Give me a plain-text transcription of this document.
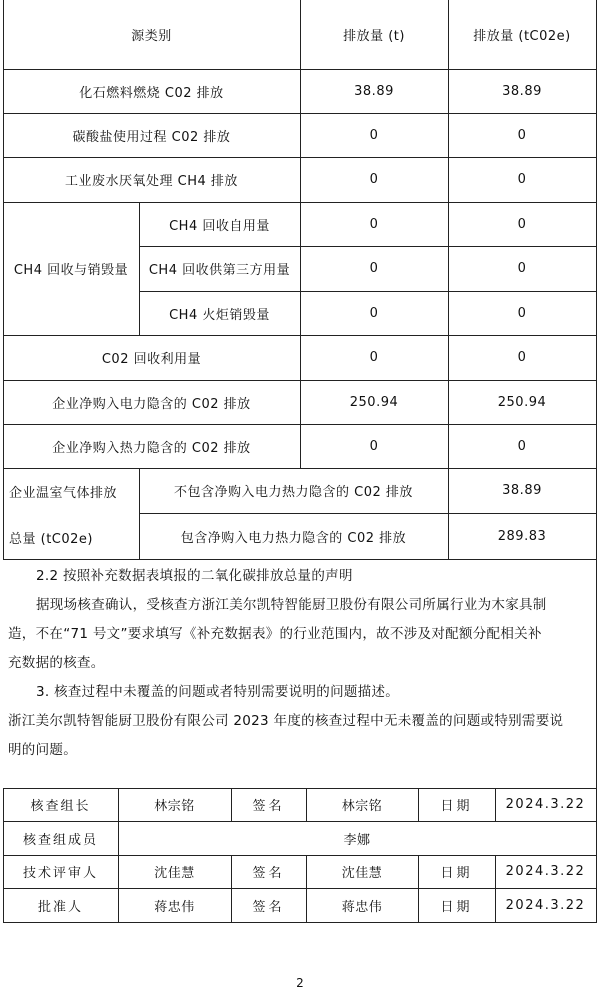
源类别	排放量 (t)	排放量 (tC02e)
化石燃料燃烧 C02 排放	38.89	38.89
碳酸盐使用过程 C02 排放	0	0
工业废水厌氧处理 CH4 排放	0	0
CH4 回收与销毁量
CH4 回收自用量	0	0
CH4 回收供第三方用量	0	0
CH4 火炬销毁量	0	0
C02 回收利用量	0	0
企业净购入电力隐含的 C02 排放	250.94	250.94
企业净购入热力隐含的 C02 排放	0	0
企业温室气体排放
总量 (tC02e)
不包含净购入电力热力隐含的 C02 排放	38.89
包含净购入电力热力隐含的 C02 排放	289.83

2.2 按照补充数据表填报的二氧化碳排放总量的声明

据现场核查确认，受核查方浙江美尔凯特智能厨卫股份有限公司所属行业为木家具制

造，不在“71 号文”要求填写《补充数据表》的行业范围内，故不涉及对配额分配相关补

充数据的核查。

3. 核查过程中未覆盖的问题或者特别需要说明的问题描述。

浙江美尔凯特智能厨卫股份有限公司 2023 年度的核查过程中无未覆盖的问题或特别需要说

明的问题。

核查组长	林宗铭	签名	林宗铭	日期	2024.3.22
核查组成员	李娜
技术评审人	沈佳慧	签名	沈佳慧	日期	2024.3.22
批准人	蒋忠伟	签名	蒋忠伟	日期	2024.3.22
2
